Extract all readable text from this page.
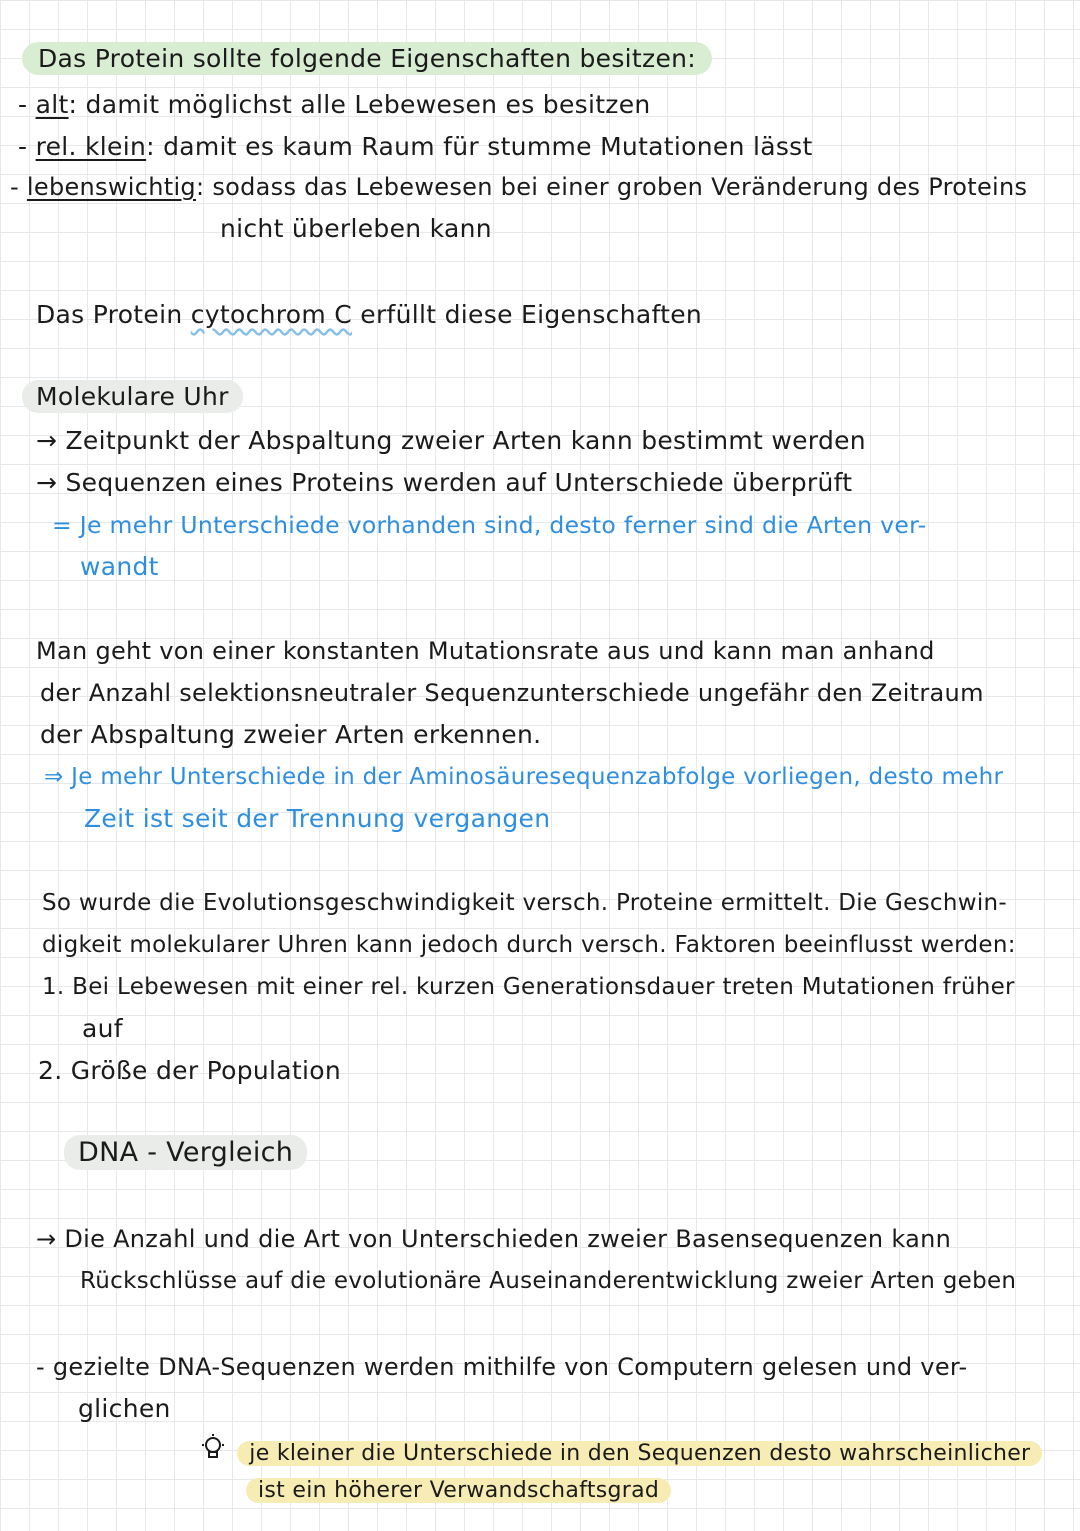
Das Protein sollte folgende Eigenschaften besitzen:
- alt: damit möglichst alle Lebewesen es besitzen
- rel. klein: damit es kaum Raum für stumme Mutationen lässt
- lebenswichtig: sodass das Lebewesen bei einer groben Veränderung des Proteins
nicht überleben kann
Das Protein cytochrom C erfüllt diese Eigenschaften
Molekulare Uhr
→ Zeitpunkt der Abspaltung zweier Arten kann bestimmt werden
→ Sequenzen eines Proteins werden auf Unterschiede überprüft
= Je mehr Unterschiede vorhanden sind, desto ferner sind die Arten ver-
wandt
Man geht von einer konstanten Mutationsrate aus und kann man anhand
der Anzahl selektionsneutraler Sequenzunterschiede ungefähr den Zeitraum
der Abspaltung zweier Arten erkennen.
⇒ Je mehr Unterschiede in der Aminosäuresequenzabfolge vorliegen, desto mehr
Zeit ist seit der Trennung vergangen
So wurde die Evolutionsgeschwindigkeit versch. Proteine ermittelt. Die Geschwin-
digkeit molekularer Uhren kann jedoch durch versch. Faktoren beeinflusst werden:
1. Bei Lebewesen mit einer rel. kurzen Generationsdauer treten Mutationen früher
auf
2. Größe der Population
DNA - Vergleich
→ Die Anzahl und die Art von Unterschieden zweier Basensequenzen kann
Rückschlüsse auf die evolutionäre Auseinanderentwicklung zweier Arten geben
- gezielte DNA-Sequenzen werden mithilfe von Computern gelesen und ver-
glichen
je kleiner die Unterschiede in den Sequenzen desto wahrscheinlicher
ist ein höherer Verwandschaftsgrad
